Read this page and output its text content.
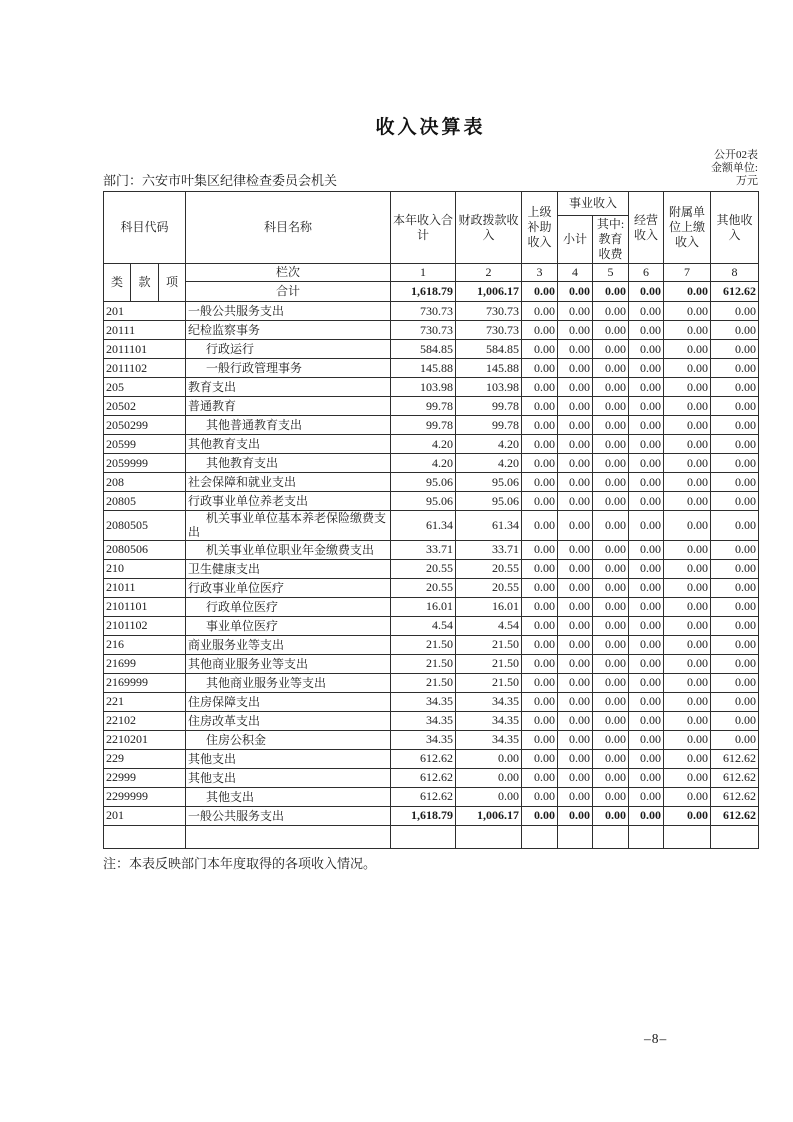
收入决算表
部门：六安市叶集区纪律检查委员会机关
公开02表
金额单位:
万元
科目代码			科目名称	本年收入合计	财政拨款收入	上级补助收入	事业收入		经营收入	附属单位上缴收入	其他收入
							小计	其中:教育收费			
类	款	项	栏次	1	2	3	4	5	6	7	8
			合计	1,618.79	1,006.17	0.00	0.00	0.00	0.00	0.00	612.62
201			一般公共服务支出	730.73	730.73	0.00	0.00	0.00	0.00	0.00	0.00
20111			纪检监察事务	730.73	730.73	0.00	0.00	0.00	0.00	0.00	0.00
2011101			行政运行	584.85	584.85	0.00	0.00	0.00	0.00	0.00	0.00
2011102			一般行政管理事务	145.88	145.88	0.00	0.00	0.00	0.00	0.00	0.00
205			教育支出	103.98	103.98	0.00	0.00	0.00	0.00	0.00	0.00
20502			普通教育	99.78	99.78	0.00	0.00	0.00	0.00	0.00	0.00
2050299			其他普通教育支出	99.78	99.78	0.00	0.00	0.00	0.00	0.00	0.00
20599			其他教育支出	4.20	4.20	0.00	0.00	0.00	0.00	0.00	0.00
2059999			其他教育支出	4.20	4.20	0.00	0.00	0.00	0.00	0.00	0.00
208			社会保障和就业支出	95.06	95.06	0.00	0.00	0.00	0.00	0.00	0.00
20805			行政事业单位养老支出	95.06	95.06	0.00	0.00	0.00	0.00	0.00	0.00
2080505			机关事业单位基本养老保险缴费支出	61.34	61.34	0.00	0.00	0.00	0.00	0.00	0.00
2080506			机关事业单位职业年金缴费支出	33.71	33.71	0.00	0.00	0.00	0.00	0.00	0.00
210			卫生健康支出	20.55	20.55	0.00	0.00	0.00	0.00	0.00	0.00
21011			行政事业单位医疗	20.55	20.55	0.00	0.00	0.00	0.00	0.00	0.00
2101101			行政单位医疗	16.01	16.01	0.00	0.00	0.00	0.00	0.00	0.00
2101102			事业单位医疗	4.54	4.54	0.00	0.00	0.00	0.00	0.00	0.00
216			商业服务业等支出	21.50	21.50	0.00	0.00	0.00	0.00	0.00	0.00
21699			其他商业服务业等支出	21.50	21.50	0.00	0.00	0.00	0.00	0.00	0.00
2169999			其他商业服务业等支出	21.50	21.50	0.00	0.00	0.00	0.00	0.00	0.00
221			住房保障支出	34.35	34.35	0.00	0.00	0.00	0.00	0.00	0.00
22102			住房改革支出	34.35	34.35	0.00	0.00	0.00	0.00	0.00	0.00
2210201			住房公积金	34.35	34.35	0.00	0.00	0.00	0.00	0.00	0.00
229			其他支出	612.62	0.00	0.00	0.00	0.00	0.00	0.00	612.62
22999			其他支出	612.62	0.00	0.00	0.00	0.00	0.00	0.00	612.62
2299999			其他支出	612.62	0.00	0.00	0.00	0.00	0.00	0.00	612.62
201			一般公共服务支出	1,618.79	1,006.17	0.00	0.00	0.00	0.00	0.00	612.62

注：本表反映部门本年度取得的各项收入情况。
–8–
